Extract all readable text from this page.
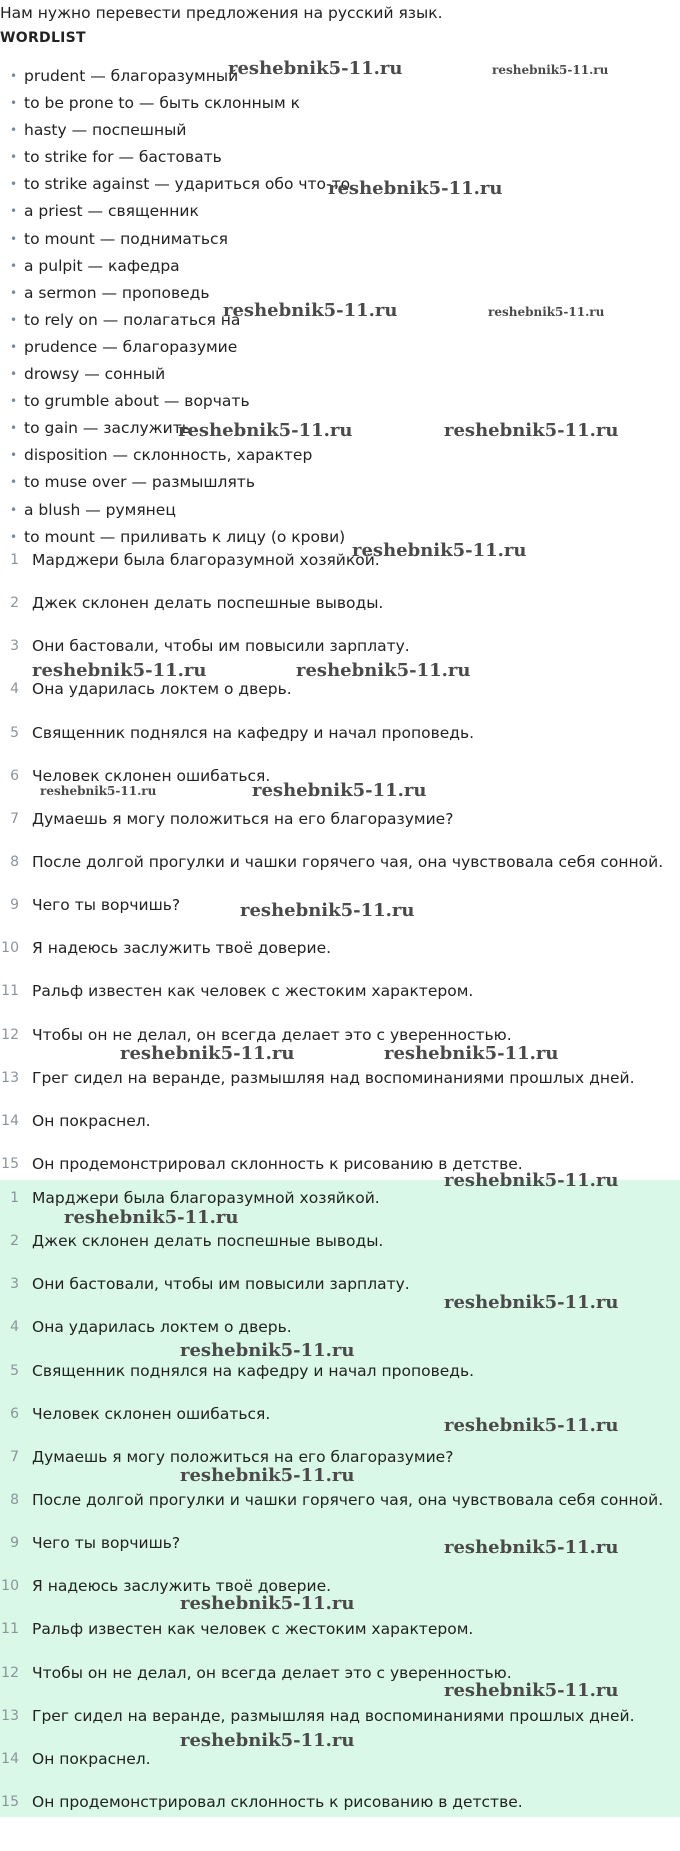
Нам нужно перевести предложения на русский язык.
WORDLIST
• prudent — благоразумный
• to be prone to — быть склонным к
• hasty — поспешный
• to strike for — бастовать
• to strike against — удариться обо что-то
• a priest — священник
• to mount — подниматься
• a pulpit — кафедра
• a sermon — проповедь
• to rely on — полагаться на
• prudence — благоразумие
• drowsy — сонный
• to grumble about — ворчать
• to gain — заслужить
• disposition — склонность, характер
• to muse over — размышлять
• a blush — румянец
• to mount — приливать к лицу (о крови)
1 Марджери была благоразумной хозяйкой.
2 Джек склонен делать поспешные выводы.
3 Они бастовали, чтобы им повысили зарплату.
4 Она ударилась локтем о дверь.
5 Священник поднялся на кафедру и начал проповедь.
6 Человек склонен ошибаться.
7 Думаешь я могу положиться на его благоразумие?
8 После долгой прогулки и чашки горячего чая, она чувствовала себя сонной.
9 Чего ты ворчишь?
10 Я надеюсь заслужить твоё доверие.
11 Ральф известен как человек с жестоким характером.
12 Чтобы он не делал, он всегда делает это с уверенностью.
13 Грег сидел на веранде, размышляя над воспоминаниями прошлых дней.
14 Он покраснел.
15 Он продемонстрировал склонность к рисованию в детстве.
1 Марджери была благоразумной хозяйкой.
2 Джек склонен делать поспешные выводы.
3 Они бастовали, чтобы им повысили зарплату.
4 Она ударилась локтем о дверь.
5 Священник поднялся на кафедру и начал проповедь.
6 Человек склонен ошибаться.
7 Думаешь я могу положиться на его благоразумие?
8 После долгой прогулки и чашки горячего чая, она чувствовала себя сонной.
9 Чего ты ворчишь?
10 Я надеюсь заслужить твоё доверие.
11 Ральф известен как человек с жестоким характером.
12 Чтобы он не делал, он всегда делает это с уверенностью.
13 Грег сидел на веранде, размышляя над воспоминаниями прошлых дней.
14 Он покраснел.
15 Он продемонстрировал склонность к рисованию в детстве.
reshebnik5-11.ru	reshebnik5-11.ru
reshebnik5-11.ru
reshebnik5-11.ru	reshebnik5-11.ru
reshebnik5-11.ru	reshebnik5-11.ru
reshebnik5-11.ru
reshebnik5-11.ru	reshebnik5-11.ru
reshebnik5-11.ru	reshebnik5-11.ru
reshebnik5-11.ru
reshebnik5-11.ru	reshebnik5-11.ru
reshebnik5-11.ru
reshebnik5-11.ru
reshebnik5-11.ru
reshebnik5-11.ru
reshebnik5-11.ru
reshebnik5-11.ru
reshebnik5-11.ru
reshebnik5-11.ru
reshebnik5-11.ru
reshebnik5-11.ru
